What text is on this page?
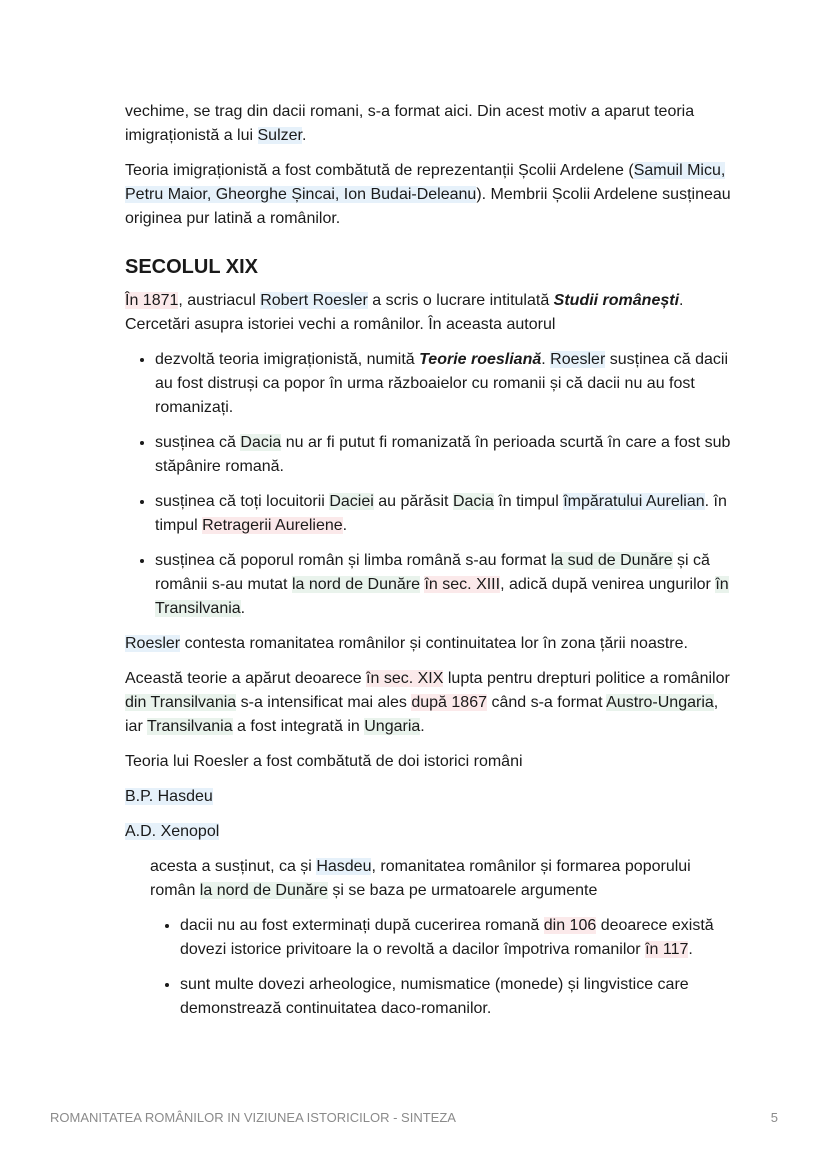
vechime, se trag din dacii romani, s-a format aici. Din acest motiv a aparut teoria imigraționistă a lui Sulzer.

Teoria imigraționistă a fost combătută de reprezentanții Școlii Ardelene (Samuil Micu, Petru Maior, Gheorghe Șincai, Ion Budai-Deleanu). Membrii Școlii Ardelene susțineau originea pur latină a românilor.

SECOLUL XIX

În 1871, austriacul Robert Roesler a scris o lucrare intitulată Studii românești. Cercetări asupra istoriei vechi a românilor. În aceasta autorul

• dezvoltă teoria imigraționistă, numită Teorie roesliană. Roesler susținea că dacii au fost distruși ca popor în urma războaielor cu romanii și că dacii nu au fost romanizați.
• susținea că Dacia nu ar fi putut fi romanizată în perioada scurtă în care a fost sub stăpânire romană.
• susținea că toți locuitorii Daciei au părăsit Dacia în timpul împăratului Aurelian. în timpul Retragerii Aureliene.
• susținea că poporul român și limba română s-au format la sud de Dunăre și că românii s-au mutat la nord de Dunăre în sec. XIII, adică după venirea ungurilor în Transilvania.

Roesler contesta romanitatea românilor și continuitatea lor în zona țării noastre.

Această teorie a apărut deoarece în sec. XIX lupta pentru drepturi politice a românilor din Transilvania s-a intensificat mai ales după 1867 când s-a format Austro-Ungaria, iar Transilvania a fost integrată in Ungaria.

Teoria lui Roesler a fost combătută de doi istorici români

B.P. Hasdeu

A.D. Xenopol

acesta a susținut, ca și Hasdeu, romanitatea românilor și formarea poporului român la nord de Dunăre și se baza pe urmatoarele argumente

• dacii nu au fost exterminați după cucerirea romană din 106 deoarece există dovezi istorice privitoare la o revoltă a dacilor împotriva romanilor în 117.
• sunt multe dovezi arheologice, numismatice (monede) și lingvistice care demonstrează continuitatea daco-romanilor.
ROMANITATEA ROMÂNILOR IN VIZIUNEA ISTORICILOR - SINTEZA	5
